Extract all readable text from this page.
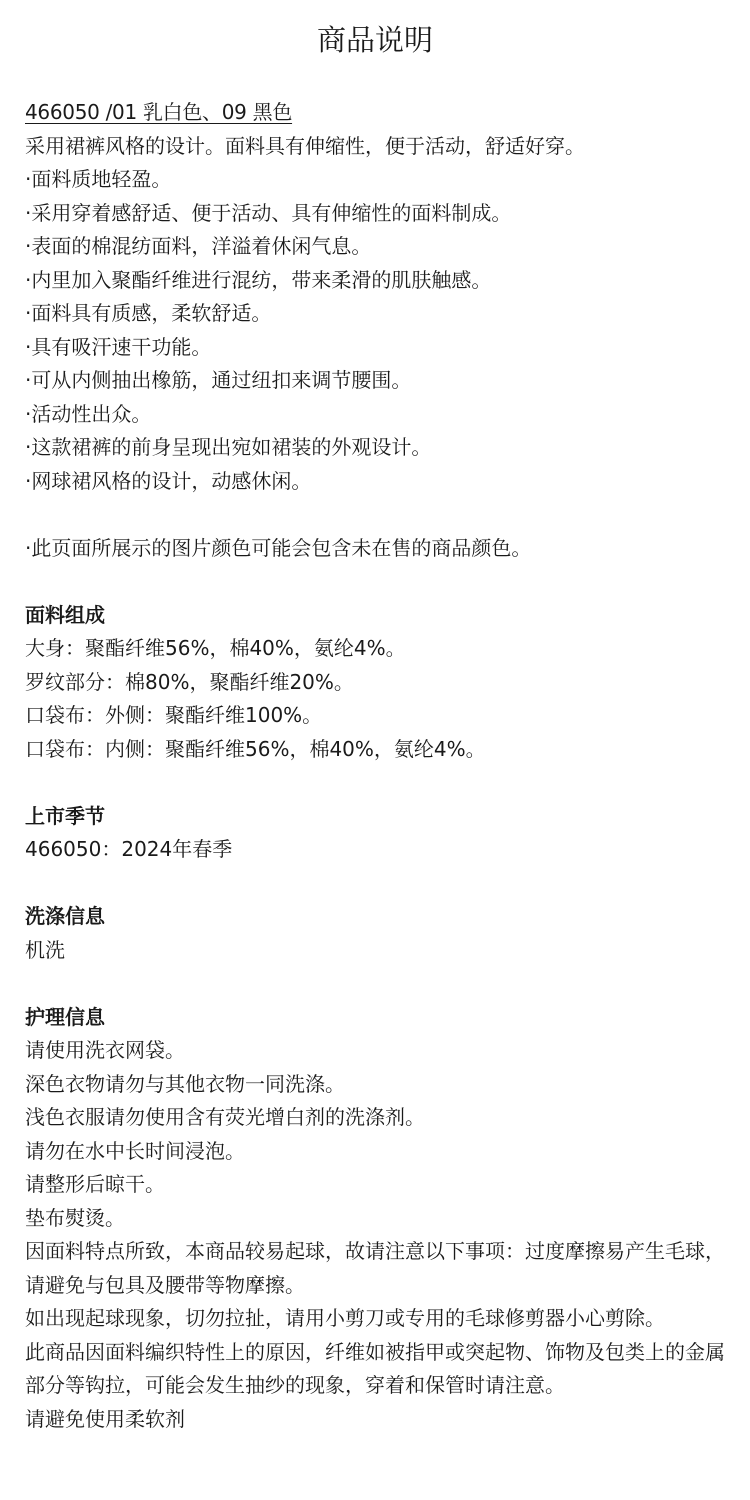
商品说明

466050 /01 乳白色、09 黑色

采用裙裤风格的设计。面料具有伸缩性，便于活动，舒适好穿。

·面料质地轻盈。

·采用穿着感舒适、便于活动、具有伸缩性的面料制成。

·表面的棉混纺面料，洋溢着休闲气息。

·内里加入聚酯纤维进行混纺，带来柔滑的肌肤触感。

·面料具有质感，柔软舒适。

·具有吸汗速干功能。

·可从内侧抽出橡筋，通过纽扣来调节腰围。

·活动性出众。

·这款裙裤的前身呈现出宛如裙装的外观设计。

·网球裙风格的设计，动感休闲。

·此页面所展示的图片颜色可能会包含未在售的商品颜色。

面料组成

大身：聚酯纤维56%，棉40%，氨纶4%。

罗纹部分：棉80%，聚酯纤维20%。

口袋布：外侧：聚酯纤维100%。

口袋布：内侧：聚酯纤维56%，棉40%，氨纶4%。

上市季节

466050：2024年春季

洗涤信息

机洗

护理信息

请使用洗衣网袋。

深色衣物请勿与其他衣物一同洗涤。

浅色衣服请勿使用含有荧光增白剂的洗涤剂。

请勿在水中长时间浸泡。

请整形后晾干。

垫布熨烫。

因面料特点所致，本商品较易起球，故请注意以下事项：过度摩擦易产生毛球，请避免与包具及腰带等物摩擦。

如出现起球现象，切勿拉扯，请用小剪刀或专用的毛球修剪器小心剪除。

此商品因面料编织特性上的原因，纤维如被指甲或突起物、饰物及包类上的金属部分等钩拉，可能会发生抽纱的现象，穿着和保管时请注意。

请避免使用柔软剂
